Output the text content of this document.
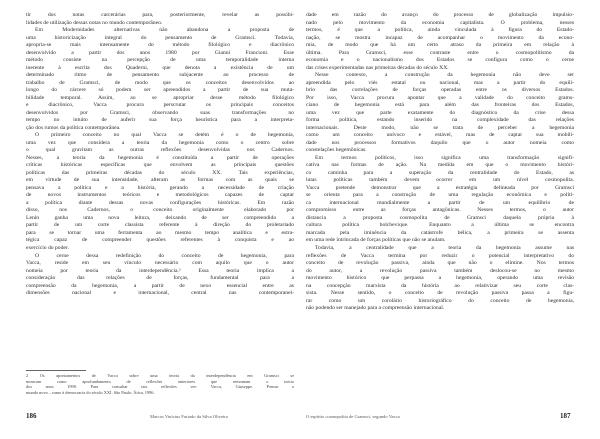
tir dos notas carcerárias para, posteriormente, revelar as possibi-
lidades de utilização dessas notas no mundo contemporâneo.
Em Modernidades alternativas não abandona a proposta de
uma historicização integral do pensamento de Gramsci. Todavia,
apropria-se mais intensamente do método filológico e diacrônico
desenvolvido a partir dos anos 1980 por Gianni Francioni. Esse
método consiste na percepção de uma temporalidade interna
inerente à escrita dos Quaderni, que denota a existência de um
determinado ritmo de pensamento subjacente ao processo de
trabalho de Gramsci, de modo que os conceitos desenvolvidos ao
longo do cárcere só podem ser apreendidos a partir de sua muta-
bilidade temporal. Assim, ao se apropriar desse método filológico
e diacrônico, Vacca procura perscrutar os principais conceitos
desenvolvidos por Gramsci, observando suas transformações no
tempo no intuito de auferir sua força heurística para a interpreta-
ção dos rumos da política contemporânea.
O primeiro conceito no qual Vacca se detém é o de hegemonia,
uma vez que considera a teoria da hegemonia como o centro sobre
o qual gravitam as outras reflexões desenvolvidas nos Cadernos.
Nesses, a teoria da hegemonia é constituída a partir de operações
críticas históricas específicas que envolvem as principais questões
políticas das primeiras décadas do século XX. Tais experiências,
em virtude de sua intensidade, alteram as formas com as quais se
pensava a política e a história, gerando a necessidade de criação
de novos instrumentos teóricos e metodológicos capazes de captar
a política diante dessas novas configurações históricas. Em razão
disso, nos Cadernos, o conceito originalmente elaborado por
Lenin ganha uma nova leitura, deixando de ser compreendido a
partir de um corte classista referente à direção do proletariado
para se tornar uma ferramenta ao mesmo tempo analítica e estra-
tégica capaz de compreender questões referentes à conquista e ao
exercício do poder.
O cerne dessa redefinição do conceito de hegemonia, para
Vacca, reside em seu vínculo necessário com aquilo que o autor
nomeia por teoria da interdependência.² Essa teoria implica a
consideração das relações de forças, fundamental para a
compreensão da hegemonia, a partir de nexo essencial entre as
dimensões nacional e internacional, central nas contemporanei-
2 Os apontamentos de Vacca sobre uma teoria da interdependência em Gramsci se
mostram como aprofundamento de reflexões anteriores que remontam o início
dos anos 1990. Para consultar tais reflexões ver: Vacca, Giuseppe. Pensar o
mundo novo – rumo à democracia do século XXI. São Paulo: Ática, 1996.
dade em razão do avanço do processo de globalização impulsio-
nado pelo movimento da economia capitalista. O problema, nesses
termos, é que a política, ainda vinculada à figura do Estado-
nação, se mostra incapaz de acompanhar o movimento da econo-
mia, de modo que há um certo atraso da primeira em relação à
última. Para Gramsci, esse contraste entre o cosmopolitismo da
economia e o nacionalismo dos Estados se configura como o cerne
das crises experimentadas nas primeiras décadas do século XX.
Nesse contexto, a construção da hegemonia não deve ser
apreendida pelo viés estatal ou nacional, mas a partir do equilí-
brio das correlações de forças operadas entre os diversos Estados.
Por isso, Vacca procura apontar que a validade do conceito grams-
ciano de hegemonia está para além das fronteiras dos Estados,
uma vez que parte exatamente do diagnóstico da crise dessa
forma política, estando inserido na complexidade das relações
internacionais. Deste modo, não se trata de perceber a hegemonia
como um conceito unívoco e estável, mas de captar sua mobili-
dade nos processos formativos daquilo que o autor nomeia como
constelações hegemônicas.
Em termos políticos, isso significa uma transformação signifi-
cativa nas formas de ação. Na medida em que o movimento históri-
co caminha para a superação da centralidade do Estado, as
lutas políticas também devem ocorrer em um nível cosmopolita.
Vacca pretende demonstrar que a estratégia delineada por Gramsci
se orienta para a construção de uma regulação econômica e políti-
ca internacional mundialmente a partir de um equilíbrio de
compromisso entre as forças antagônicas. Nesses termos, o autor
distancia a proposta cosmopolita de Gramsci daquela própria à
cultura política bolchevique. Enquanto a última se encontra
marcada pela iminência da catástrofe bélica, a primeira se assenta
em uma rede intrincada de forças políticas que não se anulam.
Todavia, a centralidade que a teoria da hegemonia assume nas
reflexões de Vacca termina por reduzir o potencial interpretativo do
conceito de revolução passiva, ainda que não o elimine. Nos termos
do autor, a revolução passiva também deslocou-se no mesmo
movimento histórico que perpassa a hegemonia, operando uma revisão
na concepção marxista da história ao relativizar seu corte clas-
sista. Nesse sentido, o conceito de revolução passiva passa a figu-
rar como um corolário historiográfico do conceito de hegemonia,
não podendo ser manejado para a compreensão internacional.
186	Marcos Vinícius Furtado da Silva Oliveira	O espírito cosmopolita de Gramsci, segundo Vacca	187
